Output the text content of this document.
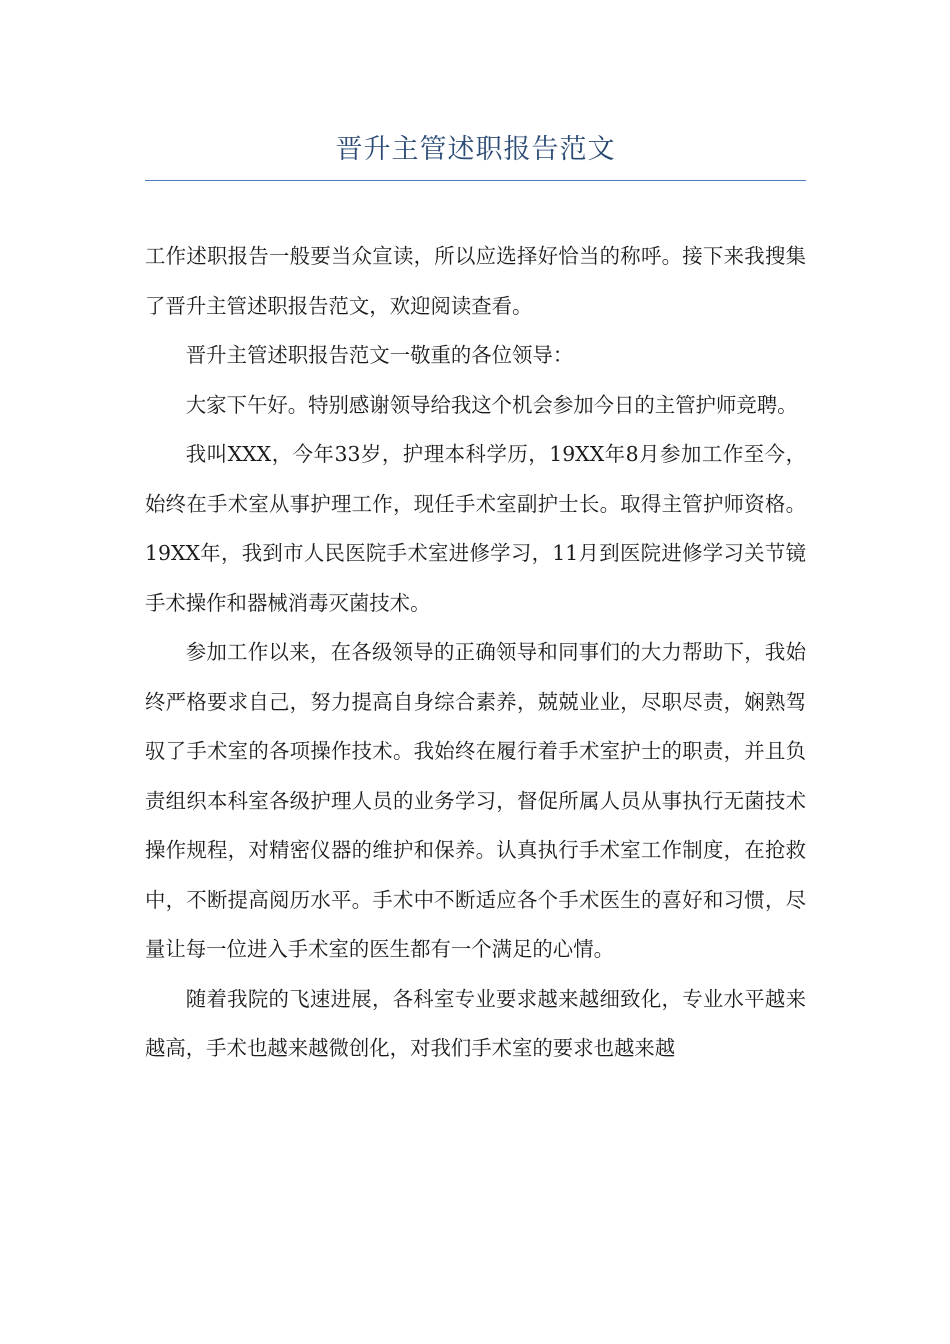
晋升主管述职报告范文

工作述职报告一般要当众宣读，所以应选择好恰当的称呼。接下来我搜集了晋升主管述职报告范文，欢迎阅读查看。

晋升主管述职报告范文一敬重的各位领导：

大家下午好。特别感谢领导给我这个机会参加今日的主管护师竞聘。

我叫XXX，今年33岁，护理本科学历，19XX年8月参加工作至今，始终在手术室从事护理工作，现任手术室副护士长。取得主管护师资格。19XX年，我到市人民医院手术室进修学习，11月到医院进修学习关节镜手术操作和器械消毒灭菌技术。

参加工作以来，在各级领导的正确领导和同事们的大力帮助下，我始终严格要求自己，努力提高自身综合素养，兢兢业业，尽职尽责，娴熟驾驭了手术室的各项操作技术。我始终在履行着手术室护士的职责，并且负责组织本科室各级护理人员的业务学习，督促所属人员从事执行无菌技术操作规程，对精密仪器的维护和保养。认真执行手术室工作制度，在抢救中，不断提高阅历水平。手术中不断适应各个手术医生的喜好和习惯，尽量让每一位进入手术室的医生都有一个满足的心情。

随着我院的飞速进展，各科室专业要求越来越细致化，专业水平越来越高，手术也越来越微创化，对我们手术室的要求也越来越
